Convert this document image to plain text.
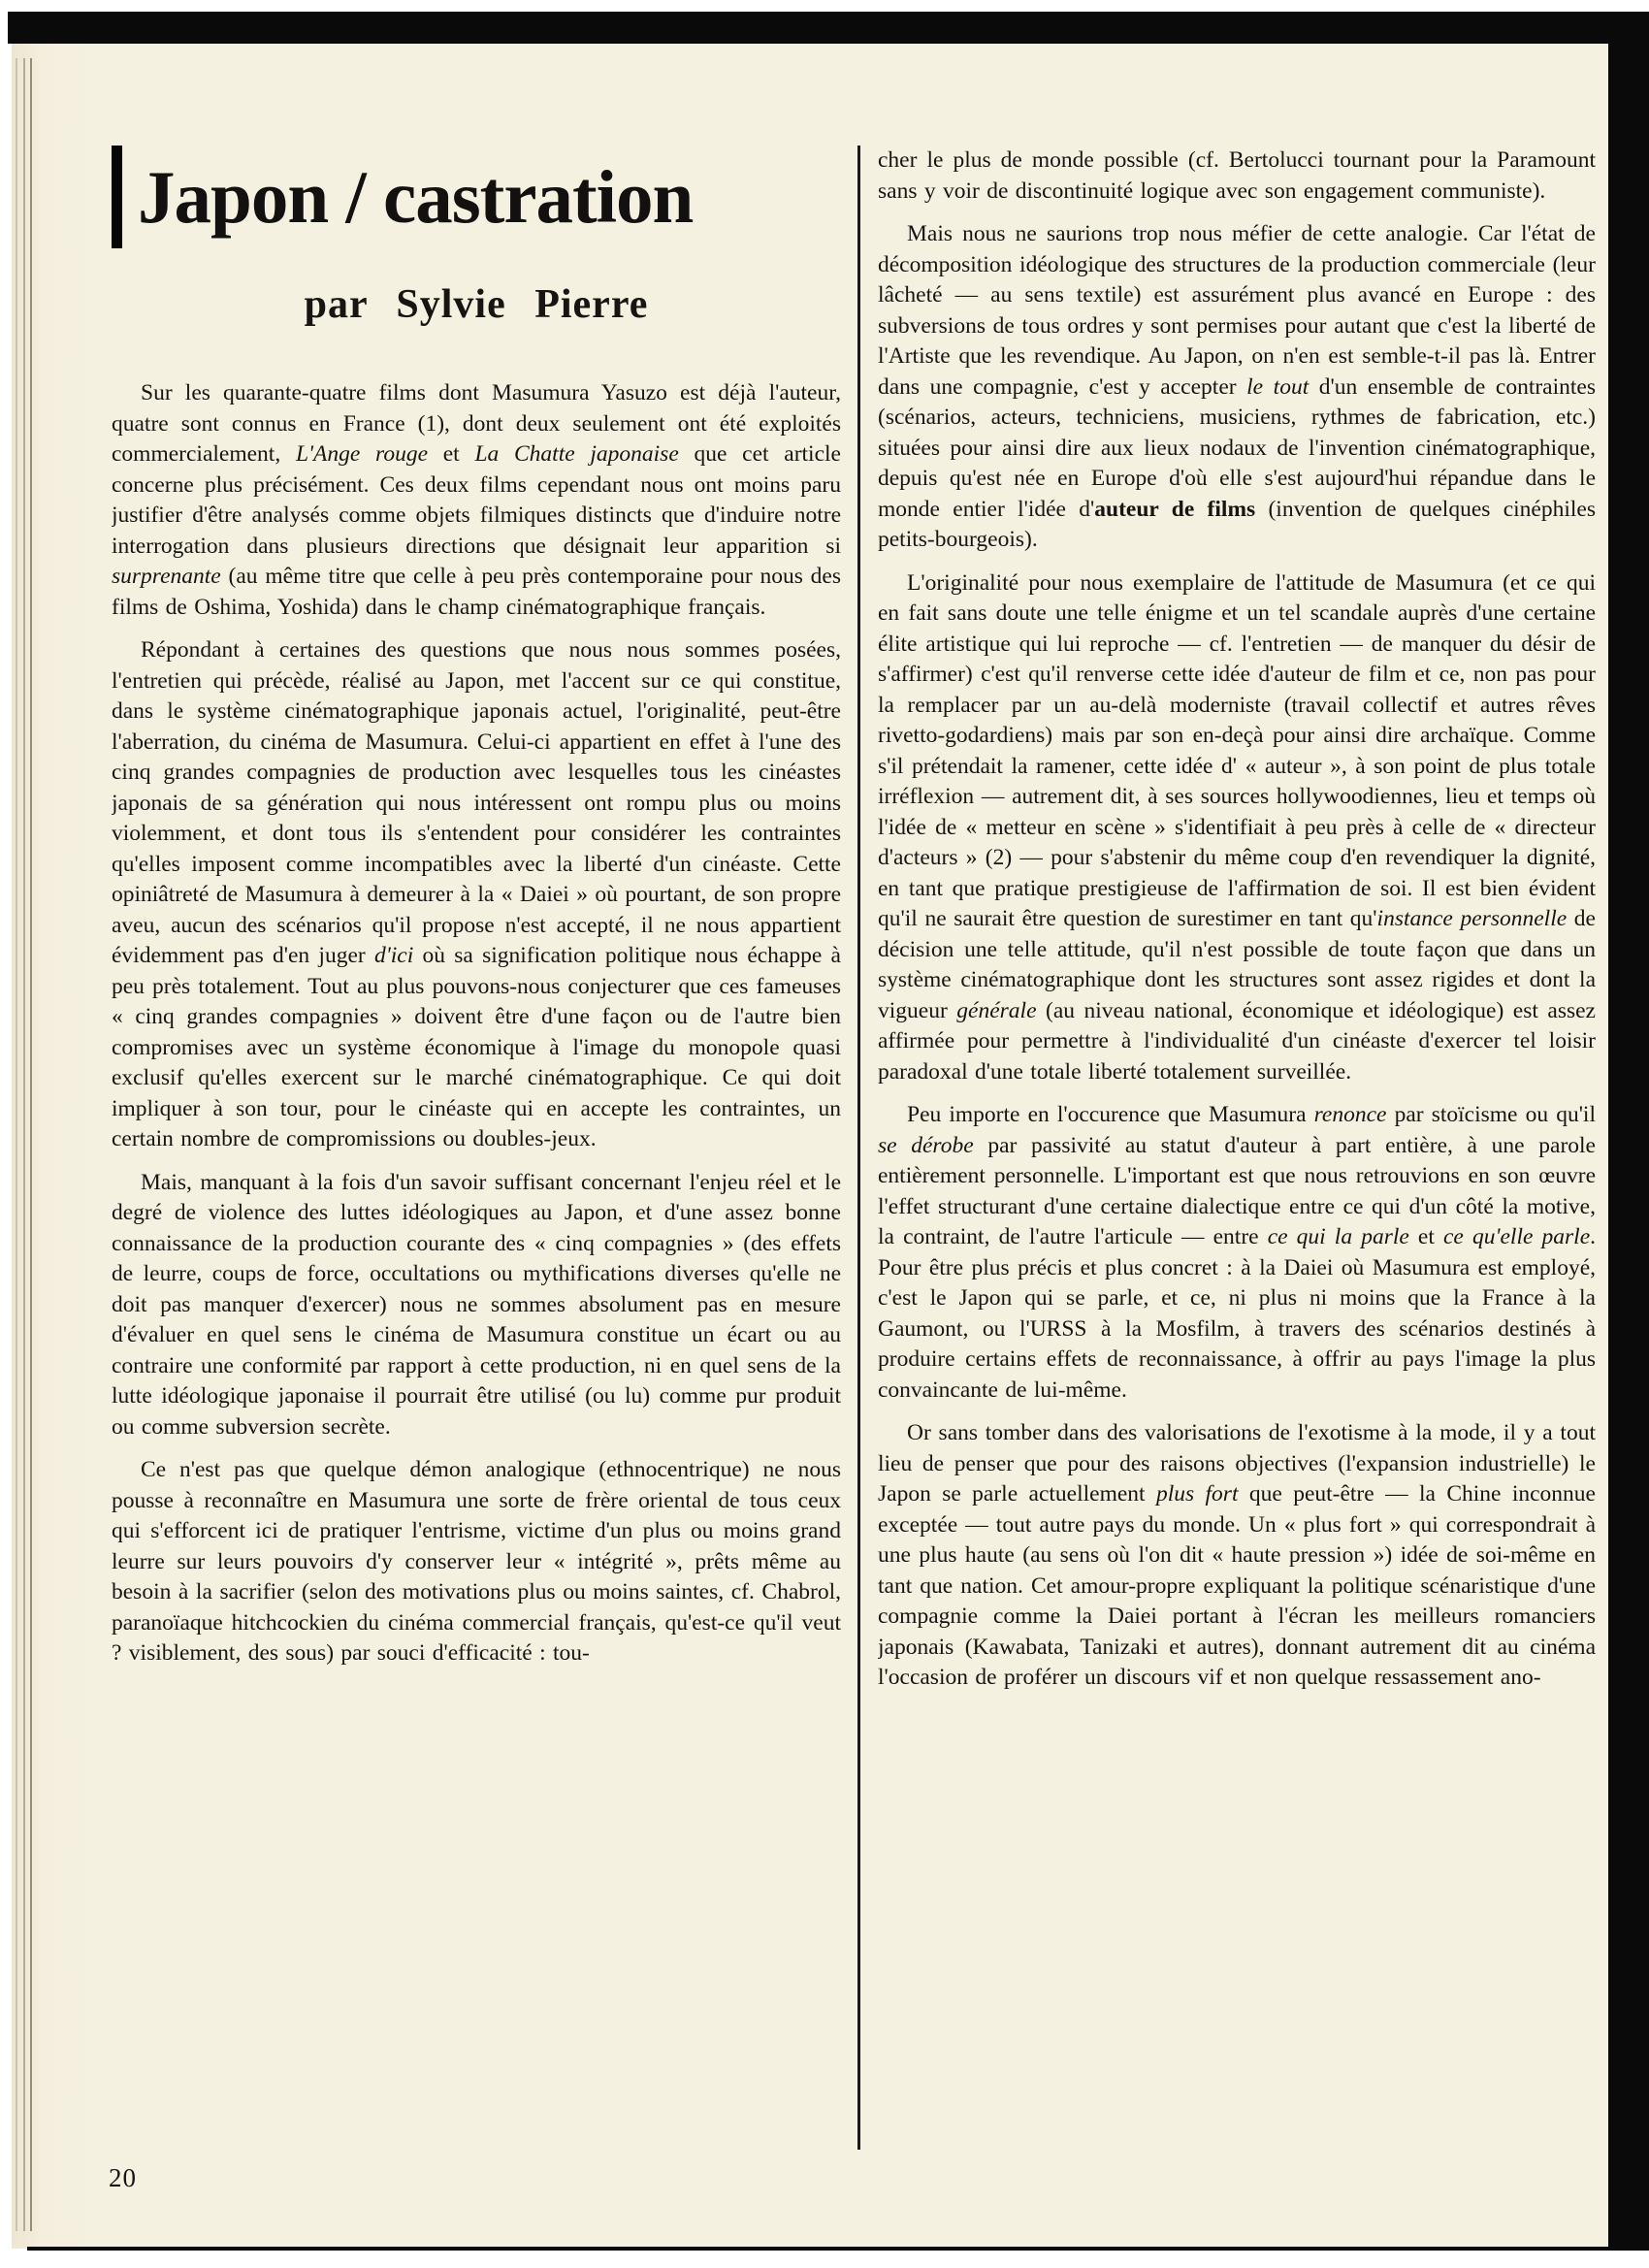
Japon / castration
par Sylvie Pierre

Sur les quarante-quatre films dont Masumura Yasuzo est déjà l'auteur, quatre sont connus en France (1), dont deux seulement ont été exploités commercialement, L'Ange rouge et La Chatte japonaise que cet article concerne plus précisément. Ces deux films cependant nous ont moins paru justifier d'être analysés comme objets filmiques distincts que d'induire notre interrogation dans plusieurs directions que désignait leur apparition si surprenante (au même titre que celle à peu près contemporaine pour nous des films de Oshima, Yoshida) dans le champ cinématographique français.

Répondant à certaines des questions que nous nous sommes posées, l'entretien qui précède, réalisé au Japon, met l'accent sur ce qui constitue, dans le système cinématographique japonais actuel, l'originalité, peut-être l'aberration, du cinéma de Masumura. Celui-ci appartient en effet à l'une des cinq grandes compagnies de production avec lesquelles tous les cinéastes japonais de sa génération qui nous intéressent ont rompu plus ou moins violemment, et dont tous ils s'entendent pour considérer les contraintes qu'elles imposent comme incompatibles avec la liberté d'un cinéaste. Cette opiniâtreté de Masumura à demeurer à la « Daiei » où pourtant, de son propre aveu, aucun des scénarios qu'il propose n'est accepté, il ne nous appartient évidemment pas d'en juger d'ici où sa signification politique nous échappe à peu près totalement. Tout au plus pouvons-nous conjecturer que ces fameuses « cinq grandes compagnies » doivent être d'une façon ou de l'autre bien compromises avec un système économique à l'image du monopole quasi exclusif qu'elles exercent sur le marché cinématographique. Ce qui doit impliquer à son tour, pour le cinéaste qui en accepte les contraintes, un certain nombre de compromissions ou doubles-jeux.

Mais, manquant à la fois d'un savoir suffisant concernant l'enjeu réel et le degré de violence des luttes idéologiques au Japon, et d'une assez bonne connaissance de la production courante des « cinq compagnies » (des effets de leurre, coups de force, occultations ou mythifications diverses qu'elle ne doit pas manquer d'exercer) nous ne sommes absolument pas en mesure d'évaluer en quel sens le cinéma de Masumura constitue un écart ou au contraire une conformité par rapport à cette production, ni en quel sens de la lutte idéologique japonaise il pourrait être utilisé (ou lu) comme pur produit ou comme subversion secrète.

Ce n'est pas que quelque démon analogique (ethnocentrique) ne nous pousse à reconnaître en Masumura une sorte de frère oriental de tous ceux qui s'efforcent ici de pratiquer l'entrisme, victime d'un plus ou moins grand leurre sur leurs pouvoirs d'y conserver leur « intégrité », prêts même au besoin à la sacrifier (selon des motivations plus ou moins saintes, cf. Chabrol, paranoïaque hitchcockien du cinéma commercial français, qu'est-ce qu'il veut ? visiblement, des sous) par souci d'efficacité : tou-

cher le plus de monde possible (cf. Bertolucci tournant pour la Paramount sans y voir de discontinuité logique avec son engagement communiste).

Mais nous ne saurions trop nous méfier de cette analogie. Car l'état de décomposition idéologique des structures de la production commerciale (leur lâcheté — au sens textile) est assurément plus avancé en Europe : des subversions de tous ordres y sont permises pour autant que c'est la liberté de l'Artiste que les revendique. Au Japon, on n'en est semble-t-il pas là. Entrer dans une compagnie, c'est y accepter le tout d'un ensemble de contraintes (scénarios, acteurs, techniciens, musiciens, rythmes de fabrication, etc.) situées pour ainsi dire aux lieux nodaux de l'invention cinématographique, depuis qu'est née en Europe d'où elle s'est aujourd'hui répandue dans le monde entier l'idée d'auteur de films (invention de quelques cinéphiles petits-bourgeois).

L'originalité pour nous exemplaire de l'attitude de Masumura (et ce qui en fait sans doute une telle énigme et un tel scandale auprès d'une certaine élite artistique qui lui reproche — cf. l'entretien — de manquer du désir de s'affirmer) c'est qu'il renverse cette idée d'auteur de film et ce, non pas pour la remplacer par un au-delà moderniste (travail collectif et autres rêves rivetto-godardiens) mais par son en-deçà pour ainsi dire archaïque. Comme s'il prétendait la ramener, cette idée d' « auteur », à son point de plus totale irréflexion — autrement dit, à ses sources hollywoodiennes, lieu et temps où l'idée de « metteur en scène » s'identifiait à peu près à celle de « directeur d'acteurs » (2) — pour s'abstenir du même coup d'en revendiquer la dignité, en tant que pratique prestigieuse de l'affirmation de soi. Il est bien évident qu'il ne saurait être question de surestimer en tant qu'instance personnelle de décision une telle attitude, qu'il n'est possible de toute façon que dans un système cinématographique dont les structures sont assez rigides et dont la vigueur générale (au niveau national, économique et idéologique) est assez affirmée pour permettre à l'individualité d'un cinéaste d'exercer tel loisir paradoxal d'une totale liberté totalement surveillée.

Peu importe en l'occurence que Masumura renonce par stoïcisme ou qu'il se dérobe par passivité au statut d'auteur à part entière, à une parole entièrement personnelle. L'important est que nous retrouvions en son œuvre l'effet structurant d'une certaine dialectique entre ce qui d'un côté la motive, la contraint, de l'autre l'articule — entre ce qui la parle et ce qu'elle parle. Pour être plus précis et plus concret : à la Daiei où Masumura est employé, c'est le Japon qui se parle, et ce, ni plus ni moins que la France à la Gaumont, ou l'URSS à la Mosfilm, à travers des scénarios destinés à produire certains effets de reconnaissance, à offrir au pays l'image la plus convaincante de lui-même.

Or sans tomber dans des valorisations de l'exotisme à la mode, il y a tout lieu de penser que pour des raisons objectives (l'expansion industrielle) le Japon se parle actuellement plus fort que peut-être — la Chine inconnue exceptée — tout autre pays du monde. Un « plus fort » qui correspondrait à une plus haute (au sens où l'on dit « haute pression ») idée de soi-même en tant que nation. Cet amour-propre expliquant la politique scénaristique d'une compagnie comme la Daiei portant à l'écran les meilleurs romanciers japonais (Kawabata, Tanizaki et autres), donnant autrement dit au cinéma l'occasion de proférer un discours vif et non quelque ressassement ano-

20
